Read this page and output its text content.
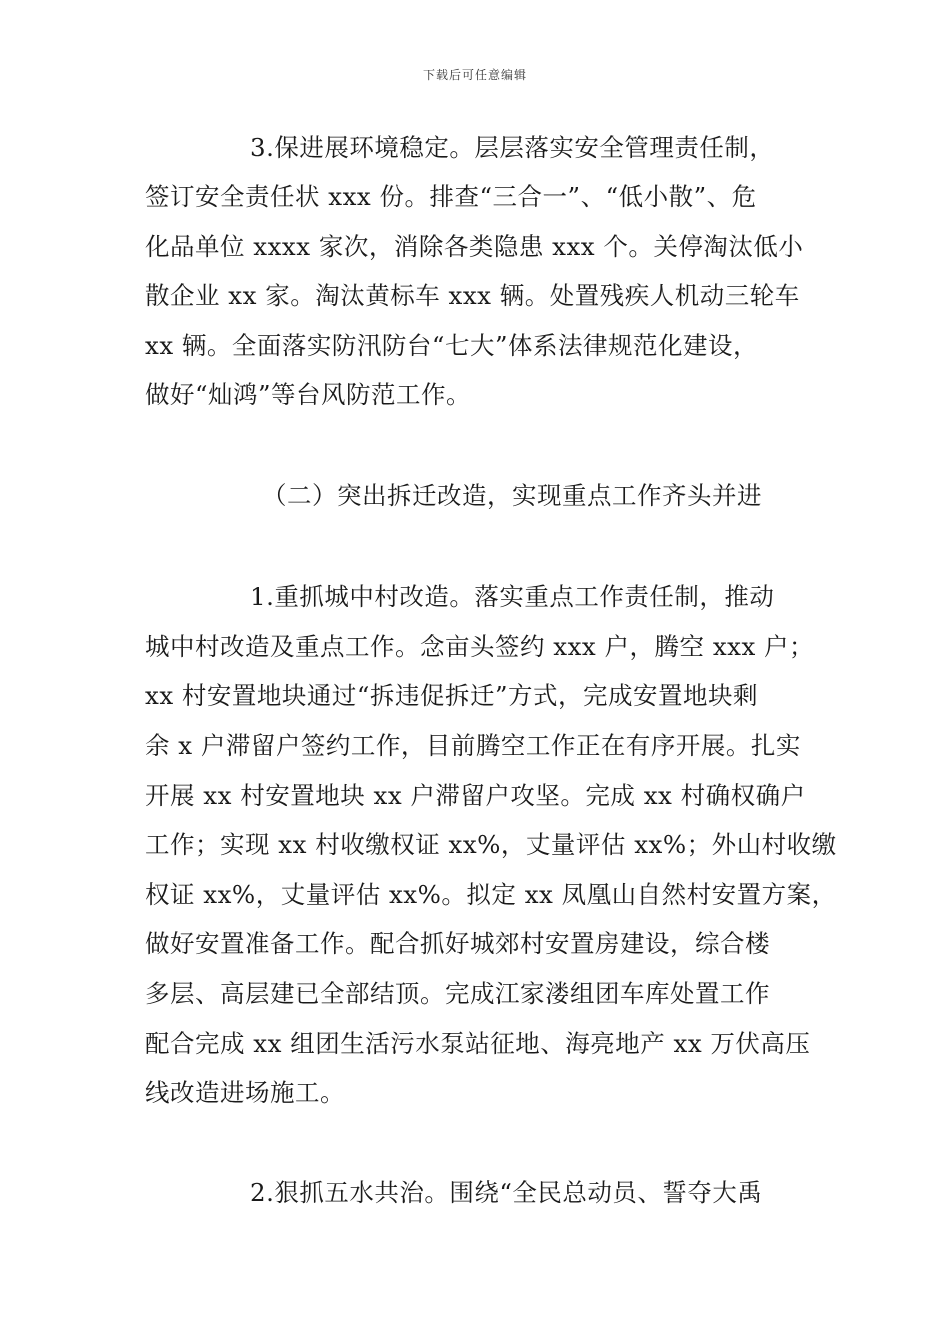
下载后可任意编辑
3.保进展环境稳定。层层落实安全管理责任制，
签订安全责任状 xxx 份。排查“三合一”、“低小散”、危
化品单位 xxxx 家次，消除各类隐患 xxx 个。关停淘汰低小
散企业 xx 家。淘汰黄标车 xxx 辆。处置残疾人机动三轮车
xx 辆。全面落实防汛防台“七大”体系法律规范化建设，
做好“灿鸿”等台风防范工作。
（二）突出拆迁改造，实现重点工作齐头并进
1.重抓城中村改造。落实重点工作责任制，推动
城中村改造及重点工作。念亩头签约 xxx 户，腾空 xxx 户；
xx 村安置地块通过“拆违促拆迁”方式，完成安置地块剩
余 x 户滞留户签约工作，目前腾空工作正在有序开展。扎实
开展 xx 村安置地块 xx 户滞留户攻坚。完成 xx 村确权确户
工作；实现 xx 村收缴权证 xx%，丈量评估 xx%；外山村收缴
权证 xx%，丈量评估 xx%。拟定 xx 凤凰山自然村安置方案，
做好安置准备工作。配合抓好城郊村安置房建设，综合楼
多层、高层建已全部结顶。完成江家溇组团车库处置工作
配合完成 xx 组团生活污水泵站征地、海亮地产 xx 万伏高压
线改造进场施工。
2.狠抓五水共治。围绕“全民总动员、誓夺大禹
